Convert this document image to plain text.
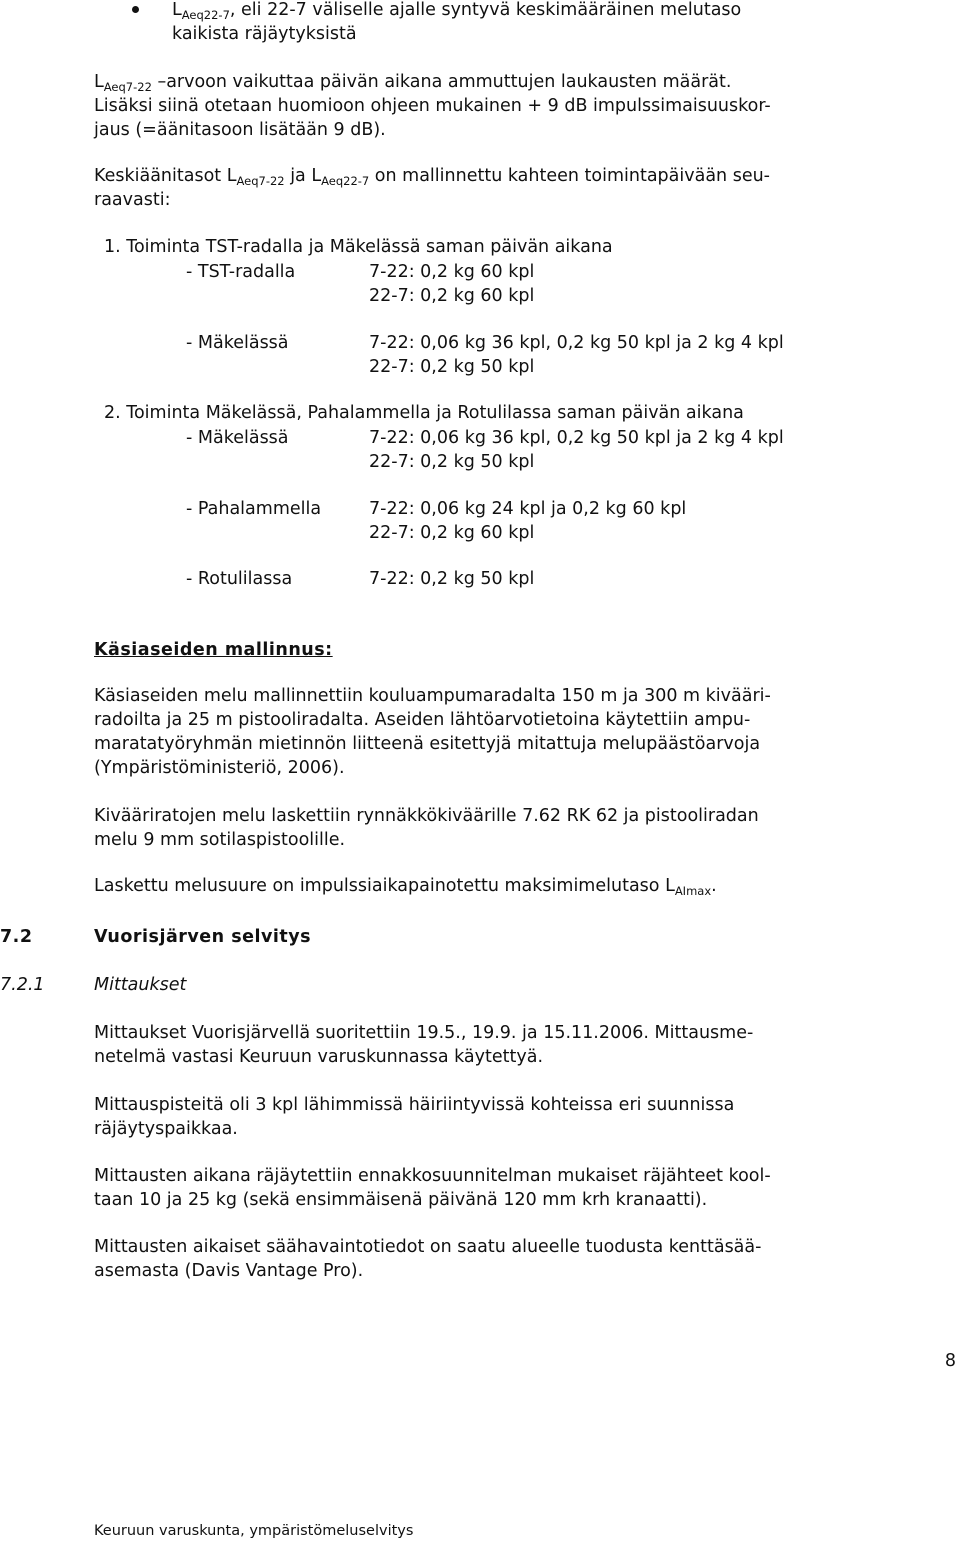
$L_{Aeq22-7}$, eli 22-7 väliselle ajalle syntyvä keskimääräinen melutaso
kaikista räjäytyksistä
$L_{Aeq7-22}$ –arvoon vaikuttaa päivän aikana ammuttujen laukausten määrät.
Lisäksi siinä otetaan huomioon ohjeen mukainen + 9 dB impulssimaisuuskor-
jaus (=äänitasoon lisätään 9 dB).
Keskiäänitasot $L_{Aeq7-22}$ ja $L_{Aeq22-7}$ on mallinnettu kahteen toimintapäivään seu-
raavasti:
1. Toiminta TST-radalla ja Mäkelässä saman päivän aikana
- TST-radalla	7-22: 0,2 kg 60 kpl
22-7: 0,2 kg 60 kpl
- Mäkelässä	7-22: 0,06 kg 36 kpl, 0,2 kg 50 kpl ja 2 kg 4 kpl
22-7: 0,2 kg 50 kpl
2. Toiminta Mäkelässä, Pahalammella ja Rotulilassa saman päivän aikana
- Mäkelässä	7-22: 0,06 kg 36 kpl, 0,2 kg 50 kpl ja 2 kg 4 kpl
22-7: 0,2 kg 50 kpl
- Pahalammella	7-22: 0,06 kg 24 kpl ja 0,2 kg 60 kpl
22-7: 0,2 kg 60 kpl
- Rotulilassa	7-22: 0,2 kg 50 kpl
Käsiaseiden mallinnus:
Käsiaseiden melu mallinnettiin kouluampumaradalta 150 m ja 300 m kivääri-
radoilta ja 25 m pistooliradalta. Aseiden lähtöarvotietoina käytettiin ampu-
maratatyöryhmän mietinnön liitteenä esitettyjä mitattuja melupäästöarvoja
(Ympäristöministeriö, 2006).
Kivääriratojen melu laskettiin rynnäkkökiväärille 7.62 RK 62 ja pistooliradan
melu 9 mm sotilaspistoolille.
Laskettu melusuure on impulssiaikapainotettu maksimimelutaso $L_{AImax}$.
7.2	Vuorisjärven selvitys
7.2.1	Mittaukset
Mittaukset Vuorisjärvellä suoritettiin 19.5., 19.9. ja 15.11.2006. Mittausme-
netelmä vastasi Keuruun varuskunnassa käytettyä.
Mittauspisteitä oli 3 kpl lähimmissä häiriintyvissä kohteissa eri suunnissa
räjäytyspaikkaa.
Mittausten aikana räjäytettiin ennakkosuunnitelman mukaiset räjähteet kool-
taan 10 ja 25 kg (sekä ensimmäisenä päivänä 120 mm krh kranaatti).
Mittausten aikaiset säähavaintotiedot on saatu alueelle tuodusta kenttäsää-
asemasta (Davis Vantage Pro).
8
Keuruun varuskunta, ympäristömeluselvitys
